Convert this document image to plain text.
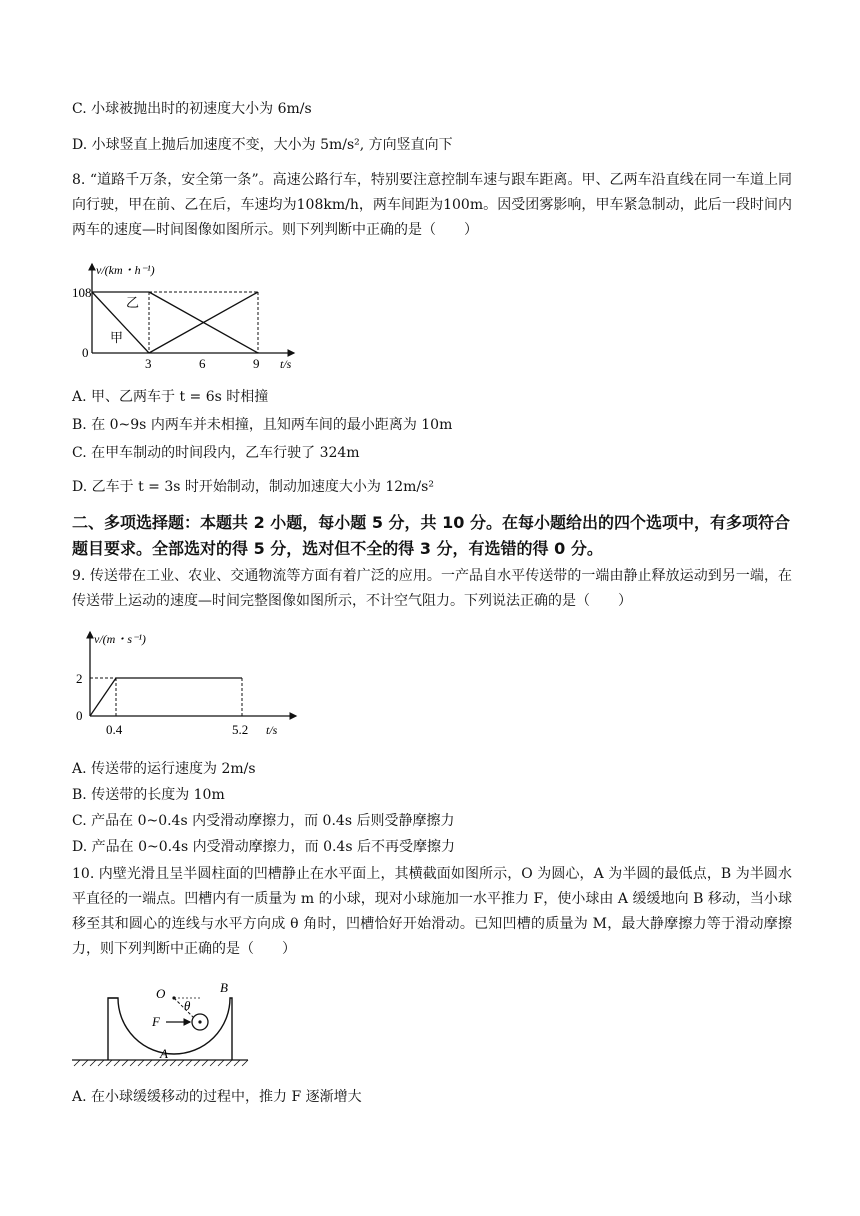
C. 小球被抛出时的初速度大小为 6m/s
D. 小球竖直上抛后加速度不变，大小为 5m/s², 方向竖直向下
8. “道路千万条，安全第一条”。高速公路行车，特别要注意控制车速与跟车距离。甲、乙两车沿直线在同一车道上同向行驶，甲在前、乙在后，车速均为108km/h，两车间距为100m。因受团雾影响，甲车紧急制动，此后一段时间内两车的速度—时间图像如图所示。则下列判断中正确的是（　　）
v/(km・h⁻¹)
108
0
3	6	9 t/s
乙
甲
A. 甲、乙两车于 t = 6s 时相撞
B. 在 0~9s 内两车并未相撞，且知两车间的最小距离为 10m
C. 在甲车制动的时间段内，乙车行驶了 324m
D. 乙车于 t = 3s 时开始制动，制动加速度大小为 12m/s²
二、多项选择题：本题共 2 小题，每小题 5 分，共 10 分。在每小题给出的四个选项中，有多项符合题目要求。全部选对的得 5 分，选对但不全的得 3 分，有选错的得 0 分。
9. 传送带在工业、农业、交通物流等方面有着广泛的应用。一产品自水平传送带的一端由静止释放运动到另一端，在传送带上运动的速度—时间完整图像如图所示，不计空气阻力。下列说法正确的是（　　）
v/(m・s⁻¹)
2
0
0.4	5.2 t/s
A. 传送带的运行速度为 2m/s
B. 传送带的长度为 10m
C. 产品在 0~0.4s 内受滑动摩擦力，而 0.4s 后则受静摩擦力
D. 产品在 0~0.4s 内受滑动摩擦力，而 0.4s 后不再受摩擦力
10. 内壁光滑且呈半圆柱面的凹槽静止在水平面上，其横截面如图所示，O 为圆心，A 为半圆的最低点，B 为半圆水平直径的一端点。凹槽内有一质量为 m 的小球，现对小球施加一水平推力 F，使小球由 A 缓缓地向 B 移动，当小球移至其和圆心的连线与水平方向成 θ 角时，凹槽恰好开始滑动。已知凹槽的质量为 M，最大静摩擦力等于滑动摩擦力，则下列判断中正确的是（　　）
O
θ
B
F
A
A. 在小球缓缓移动的过程中，推力 F 逐渐增大
